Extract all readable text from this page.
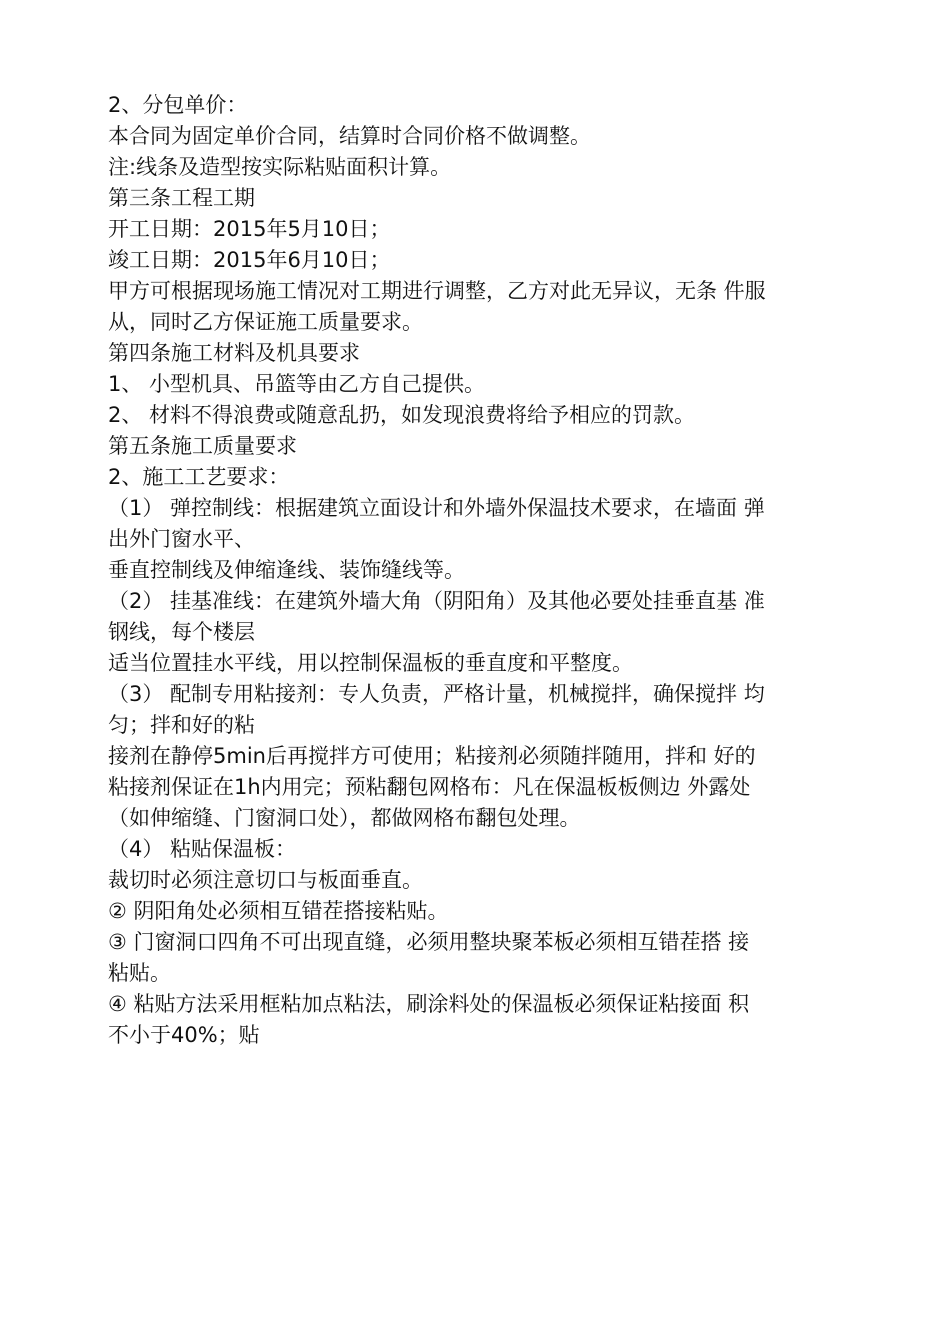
2、分包单价：
本合同为固定单价合同，结算时合同价格不做调整。
注:线条及造型按实际粘贴面积计算。
第三条工程工期
开工日期：2015年5月10日；
竣工日期：2015年6月10日；
甲方可根据现场施工情况对工期进行调整，乙方对此无异议，无条 件服
从，同时乙方保证施工质量要求。
第四条施工材料及机具要求
1、 小型机具、吊篮等由乙方自己提供。
2、 材料不得浪费或随意乱扔，如发现浪费将给予相应的罚款。
第五条施工质量要求
2、施工工艺要求：
（1） 弹控制线：根据建筑立面设计和外墙外保温技术要求，在墙面 弹
出外门窗水平、
垂直控制线及伸缩逢线、装饰缝线等。
（2） 挂基准线：在建筑外墙大角（阴阳角）及其他必要处挂垂直基 准
钢线，每个楼层
适当位置挂水平线，用以控制保温板的垂直度和平整度。
（3） 配制专用粘接剂：专人负责，严格计量，机械搅拌，确保搅拌 均
匀；拌和好的粘
接剂在静停5min后再搅拌方可使用；粘接剂必须随拌随用，拌和 好的
粘接剂保证在1h内用完；预粘翻包网格布：凡在保温板板侧边 外露处
（如伸缩缝、门窗洞口处），都做网格布翻包处理。
（4） 粘贴保温板：
裁切时必须注意切口与板面垂直。
② 阴阳角处必须相互错茬搭接粘贴。
③ 门窗洞口四角不可出现直缝，必须用整块聚苯板必须相互错茬搭 接
粘贴。
④ 粘贴方法采用框粘加点粘法，刷涂料处的保温板必须保证粘接面 积
不小于40%；贴
